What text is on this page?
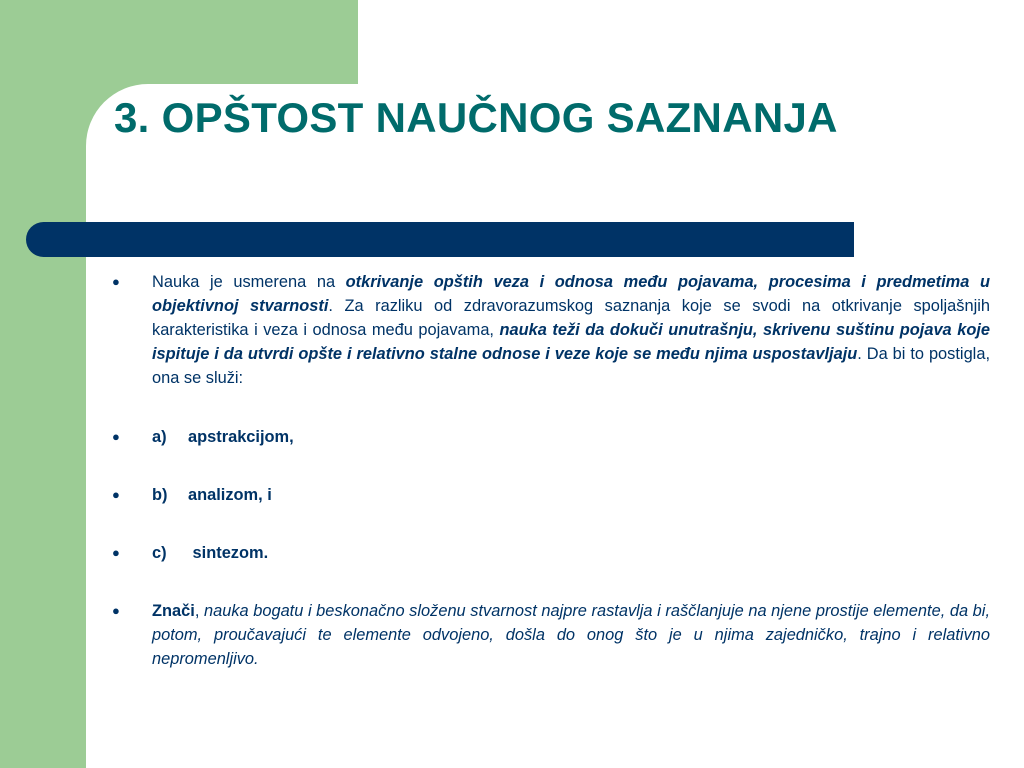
3. OPŠTOST NAUČNOG SAZNANJA
● Nauka je usmerena na otkrivanje opštih veza i odnosa među pojavama, procesima i predmetima u objektivnoj stvarnosti. Za razliku od zdravorazumskog saznanja koje se svodi na otkrivanje spoljašnjih karakteristika i veza i odnosa među pojavama, nauka teži da dokuči unutrašnju, skrivenu suštinu pojava koje ispituje i da utvrdi opšte i relativno stalne odnose i veze koje se među njima uspostavljaju. Da bi to postigla, ona se služi:
● a) apstrakcijom,
● b) analizom, i
● c) sintezom.
● Znači, nauka bogatu i beskonačno složenu stvarnost najpre rastavlja i raščlanjuje na njene prostije elemente, da bi, potom, proučavajući te elemente odvojeno, došla do onog što je u njima zajedničko, trajno i relativno nepromenljivo.
